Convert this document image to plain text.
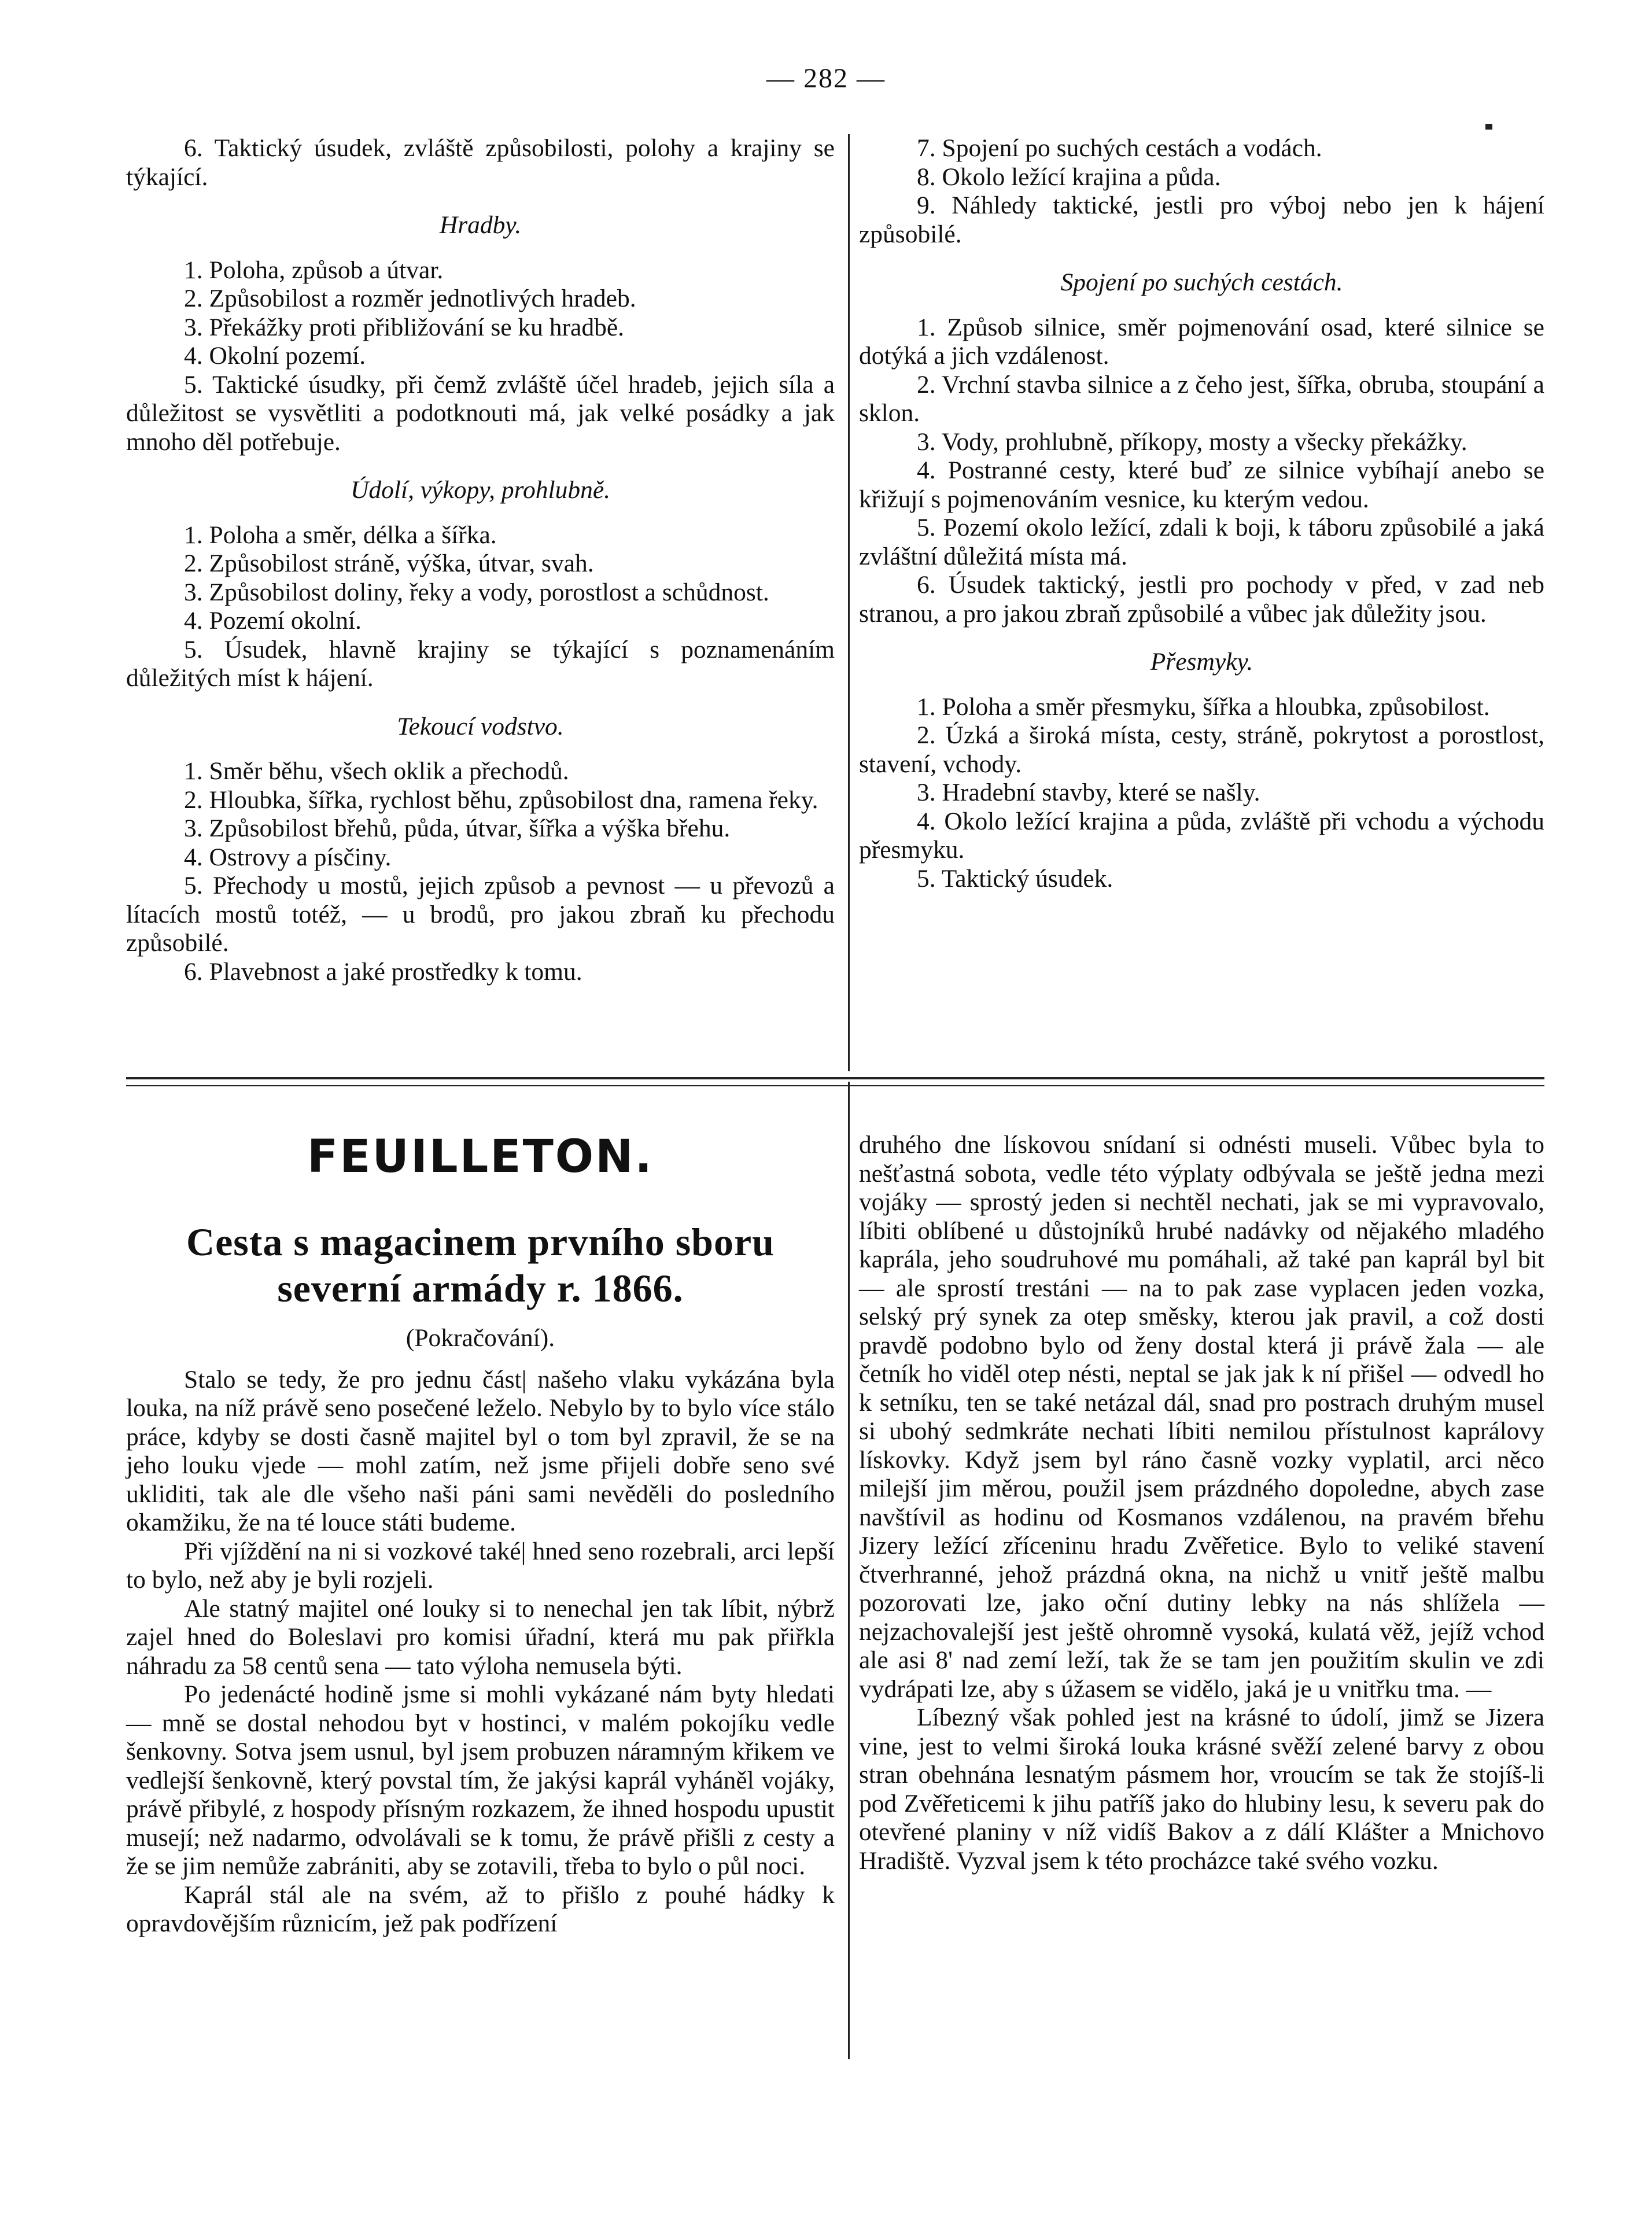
— 282 —

6. Taktický úsudek, zvláště způsobilosti, polohy a krajiny se týkající.

Hradby.

1. Poloha, způsob a útvar.

2. Způsobilost a rozměr jednotlivých hradeb.

3. Překážky proti přibližování se ku hradbě.

4. Okolní pozemí.

5. Taktické úsudky, při čemž zvláště účel hradeb, jejich síla a důležitost se vysvětliti a podotknouti má, jak velké posádky a jak mnoho děl potřebuje.

Údolí, výkopy, prohlubně.

1. Poloha a směr, délka a šířka.

2. Způsobilost stráně, výška, útvar, svah.

3. Způsobilost doliny, řeky a vody, porostlost a schůdnost.

4. Pozemí okolní.

5. Úsudek, hlavně krajiny se týkající s poznamenáním důležitých míst k hájení.

Tekoucí vodstvo.

1. Směr běhu, všech oklik a přechodů.

2. Hloubka, šířka, rychlost běhu, způsobilost dna, ramena řeky.

3. Způsobilost břehů, půda, útvar, šířka a výška břehu.

4. Ostrovy a písčiny.

5. Přechody u mostů, jejich způsob a pevnost — u převozů a lítacích mostů totéž, — u brodů, pro jakou zbraň ku přechodu způsobilé.

6. Plavebnost a jaké prostředky k tomu.

7. Spojení po suchých cestách a vodách.

8. Okolo ležící krajina a půda.

9. Náhledy taktické, jestli pro výboj nebo jen k hájení způsobilé.

Spojení po suchých cestách.

1. Způsob silnice, směr pojmenování osad, které silnice se dotýká a jich vzdálenost.

2. Vrchní stavba silnice a z čeho jest, šířka, obruba, stoupání a sklon.

3. Vody, prohlubně, příkopy, mosty a všecky překážky.

4. Postranné cesty, které buď ze silnice vybíhají anebo se křižují s pojmenováním vesnice, ku kterým vedou.

5. Pozemí okolo ležící, zdali k boji, k táboru způsobilé a jaká zvláštní důležitá místa má.

6. Úsudek taktický, jestli pro pochody v před, v zad neb stranou, a pro jakou zbraň způsobilé a vůbec jak důležity jsou.

Přesmyky.

1. Poloha a směr přesmyku, šířka a hloubka, způsobilost.

2. Úzká a široká místa, cesty, stráně, pokrytost a porostlost, stavení, vchody.

3. Hradební stavby, které se našly.

4. Okolo ležící krajina a půda, zvláště při vchodu a východu přesmyku.

5. Taktický úsudek.

FEUILLETON.

Cesta s magacinem prvního sboru
severní armády r. 1866.

(Pokračování).

Stalo se tedy, že pro jednu část| našeho vlaku vykázána byla louka, na níž právě seno posečené leželo. Nebylo by to bylo více stálo práce, kdyby se dosti časně majitel byl o tom byl zpravil, že se na jeho louku vjede — mohl zatím, než jsme přijeli dobře seno své ukliditi, tak ale dle všeho naši páni sami nevěděli do posledního okamžiku, že na té louce státi budeme.

Při vjíždění na ni si vozkové také| hned seno rozebrali, arci lepší to bylo, než aby je byli rozjeli.

Ale statný majitel oné louky si to nenechal jen tak líbit, nýbrž zajel hned do Boleslavi pro komisi úřadní, která mu pak přiřkla náhradu za 58 centů sena — tato výloha nemusela býti.

Po jedenácté hodině jsme si mohli vykázané nám byty hledati — mně se dostal nehodou byt v hostinci, v malém pokojíku vedle šenkovny. Sotva jsem usnul, byl jsem probuzen náramným křikem ve vedlejší šenkovně, který povstal tím, že jakýsi kaprál vyháněl vojáky, právě přibylé, z hospody přísným rozkazem, že ihned hospodu upustit musejí; než nadarmo, odvolávali se k tomu, že právě přišli z cesty a že se jim nemůže zabrániti, aby se zotavili, třeba to bylo o půl noci.

Kaprál stál ale na svém, až to přišlo z pouhé hádky k opravdovějším různicím, jež pak podřízení

druhého dne lískovou snídaní si odnésti museli. Vůbec byla to nešťastná sobota, vedle této výplaty odbývala se ještě jedna mezi vojáky — sprostý jeden si nechtěl nechati, jak se mi vypravovalo, líbiti oblíbené u důstojníků hrubé nadávky od nějakého mladého kaprála, jeho soudruhové mu pomáhali, až také pan kaprál byl bit — ale sprostí trestáni — na to pak zase vyplacen jeden vozka, selský prý synek za otep směsky, kterou jak pravil, a což dosti pravdě podobno bylo od ženy dostal která ji právě žala — ale četník ho viděl otep nésti, neptal se jak jak k ní přišel — odvedl ho k setníku, ten se také netázal dál, snad pro postrach druhým musel si ubohý sedmkráte nechati líbiti nemilou přístulnost kaprálovy lískovky. Když jsem byl ráno časně vozky vyplatil, arci něco milejší jim měrou, použil jsem prázdného dopoledne, abych zase navštívil as hodinu od Kosmanos vzdálenou, na pravém břehu Jizery ležící zříceninu hradu Zvěřetice. Bylo to veliké stavení čtverhranné, jehož prázdná okna, na nichž u vnitř ještě malbu pozorovati lze, jako oční dutiny lebky na nás shlížela — nejzachovalejší jest ještě ohromně vysoká, kulatá věž, jejíž vchod ale asi 8' nad zemí leží, tak že se tam jen použitím skulin ve zdi vydrápati lze, aby s úžasem se vidělo, jaká je u vnitřku tma. —

Líbezný však pohled jest na krásné to údolí, jimž se Jizera vine, jest to velmi široká louka krásné svěží zelené barvy z obou stran obehnána lesnatým pásmem hor, vroucím se tak že stojíš-li pod Zvěřeticemi k jihu patříš jako do hlubiny lesu, k severu pak do otevřené planiny v níž vidíš Bakov a z dálí Klášter a Mnichovo Hradiště. Vyzval jsem k této procházce také svého vozku.
